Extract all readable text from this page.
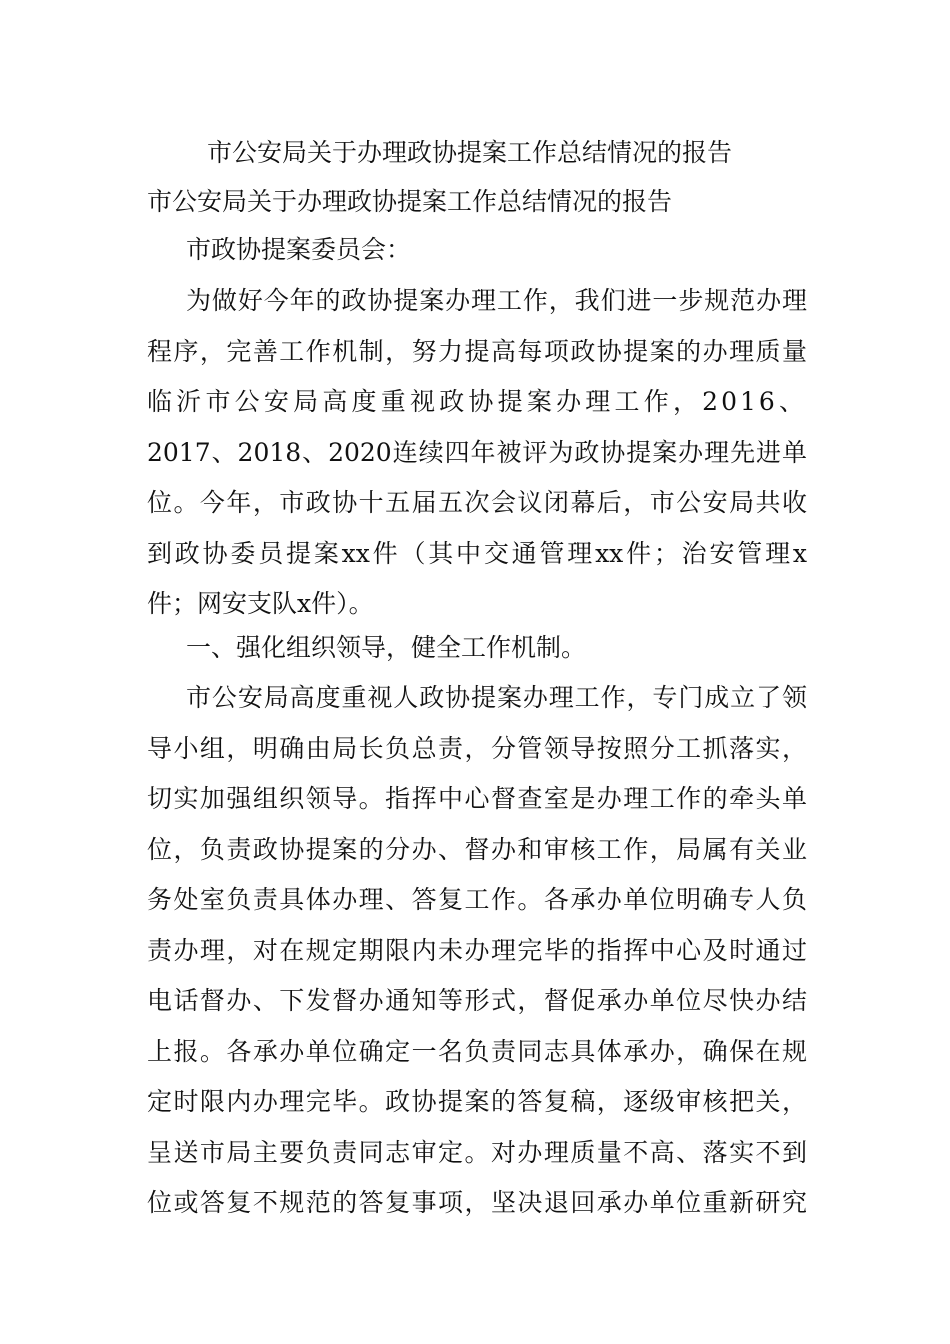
市公安局关于办理政协提案工作总结情况的报告
市公安局关于办理政协提案工作总结情况的报告
市政协提案委员会：
为做好今年的政协提案办理工作，我们进一步规范办理
程序，完善工作机制，努力提高每项政协提案的办理质量
临沂市公安局高度重视政协提案办理工作，2016、
2017、2018、2020连续四年被评为政协提案办理先进单
位。今年，市政协十五届五次会议闭幕后，市公安局共收
到政协委员提案xx件（其中交通管理xx件；治安管理x
件；网安支队x件）。
一、强化组织领导，健全工作机制。
市公安局高度重视人政协提案办理工作，专门成立了领
导小组，明确由局长负总责，分管领导按照分工抓落实，
切实加强组织领导。指挥中心督查室是办理工作的牵头单
位，负责政协提案的分办、督办和审核工作，局属有关业
务处室负责具体办理、答复工作。各承办单位明确专人负
责办理，对在规定期限内未办理完毕的指挥中心及时通过
电话督办、下发督办通知等形式，督促承办单位尽快办结
上报。各承办单位确定一名负责同志具体承办，确保在规
定时限内办理完毕。政协提案的答复稿，逐级审核把关，
呈送市局主要负责同志审定。对办理质量不高、落实不到
位或答复不规范的答复事项，坚决退回承办单位重新研究
